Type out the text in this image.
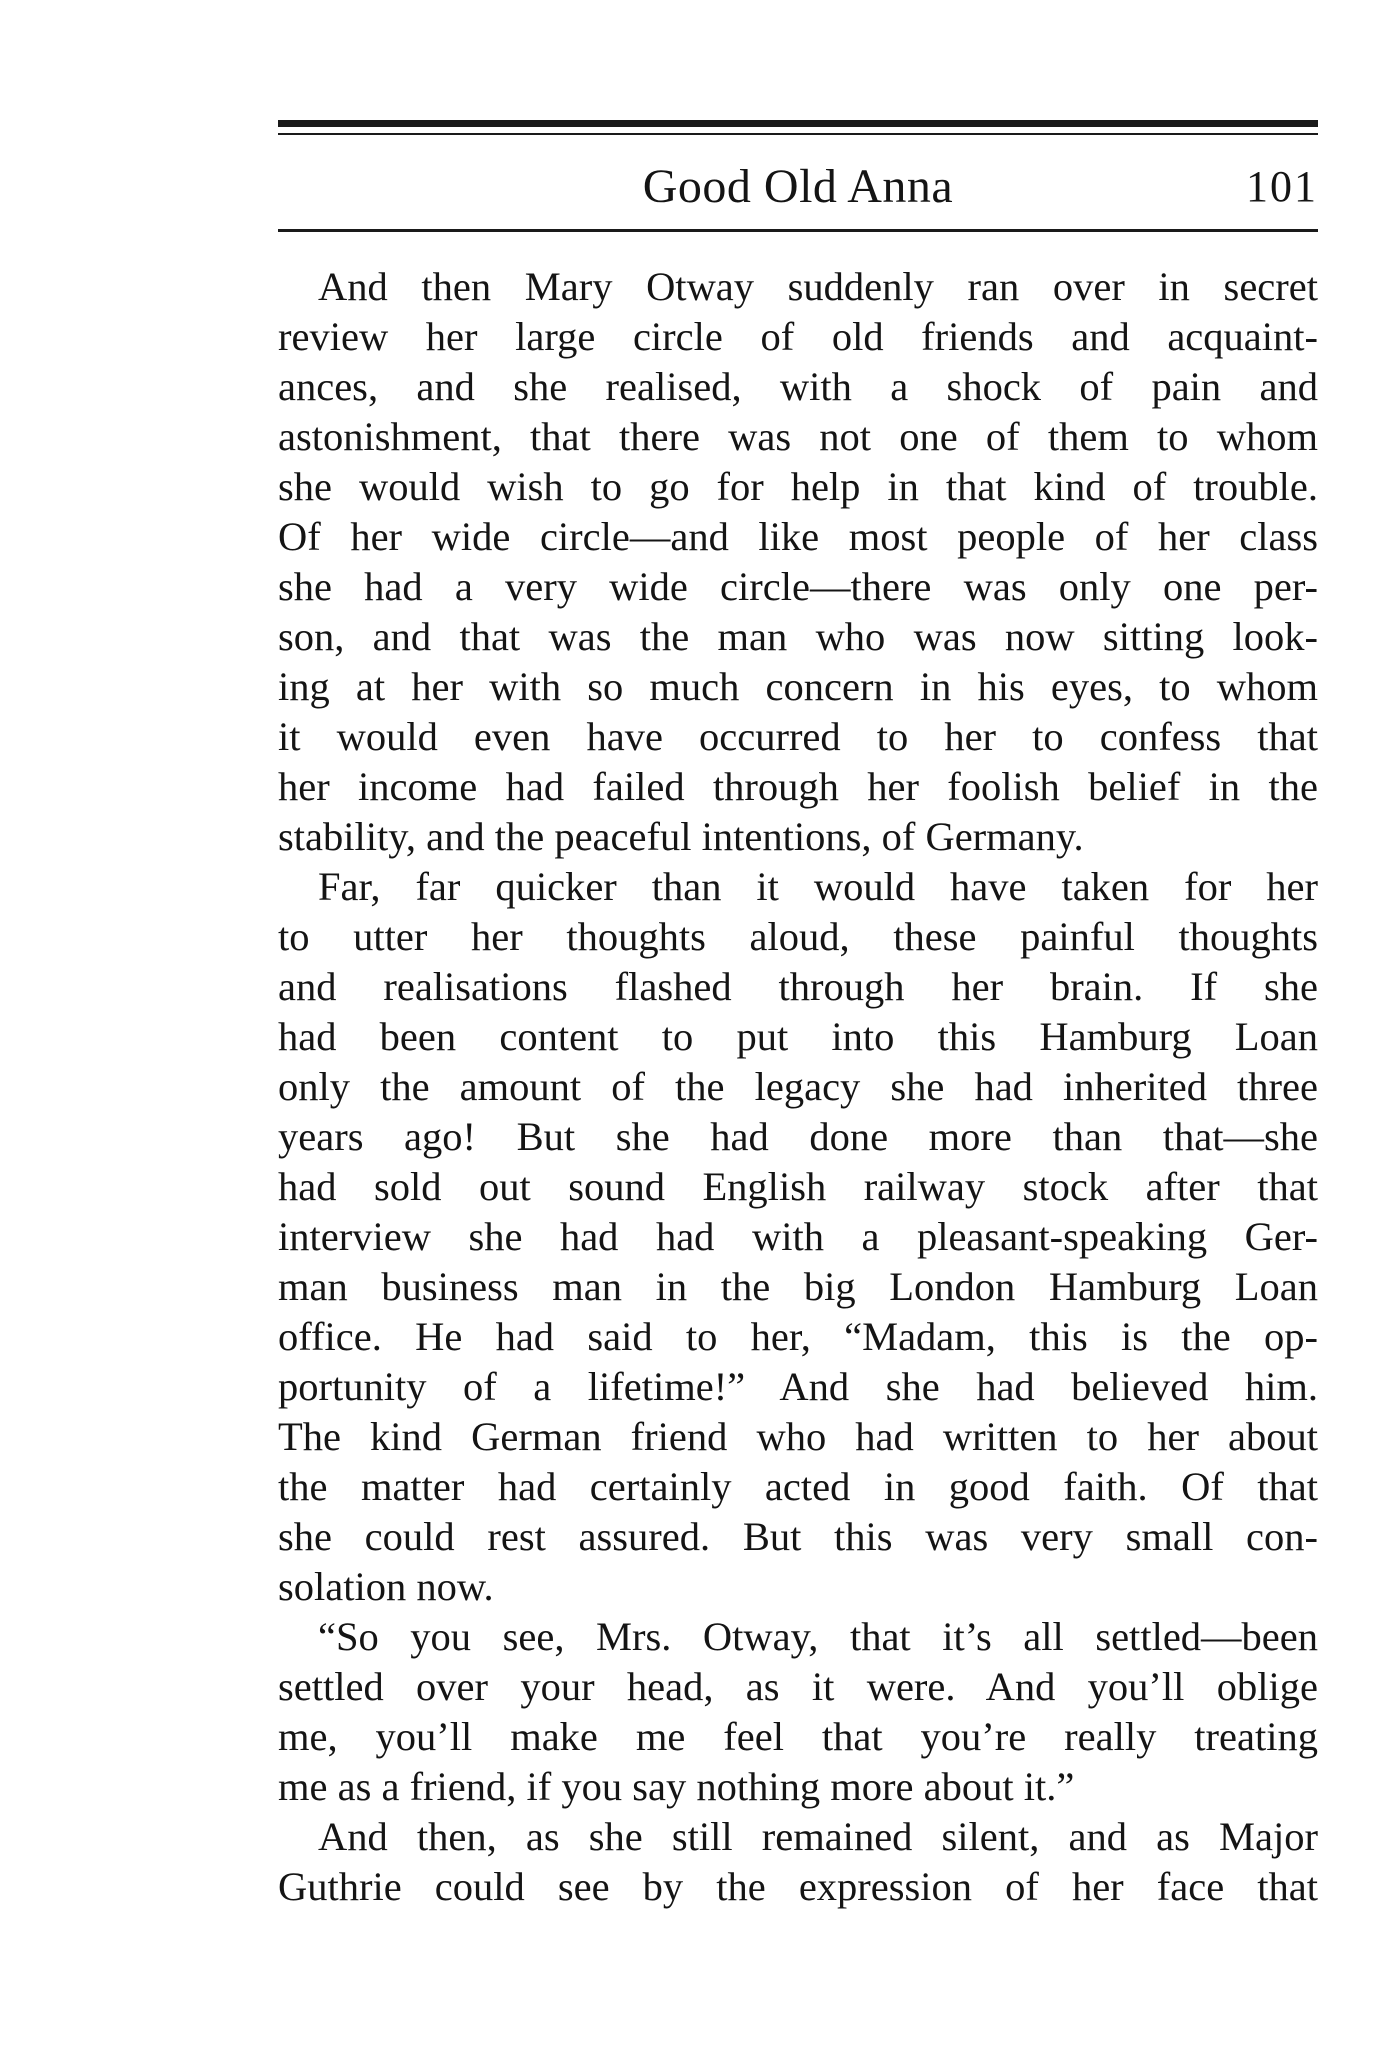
Good Old Anna	101
And then Mary Otway suddenly ran over in secret
review her large circle of old friends and acquaint-
ances, and she realised, with a shock of pain and
astonishment, that there was not one of them to whom
she would wish to go for help in that kind of trouble.
Of her wide circle—and like most people of her class
she had a very wide circle—there was only one per-
son, and that was the man who was now sitting look-
ing at her with so much concern in his eyes, to whom
it would even have occurred to her to confess that
her income had failed through her foolish belief in the
stability, and the peaceful intentions, of Germany.
Far, far quicker than it would have taken for her
to utter her thoughts aloud, these painful thoughts
and realisations flashed through her brain. If she
had been content to put into this Hamburg Loan
only the amount of the legacy she had inherited three
years ago! But she had done more than that—she
had sold out sound English railway stock after that
interview she had had with a pleasant-speaking Ger-
man business man in the big London Hamburg Loan
office. He had said to her, “Madam, this is the op-
portunity of a lifetime!” And she had believed him.
The kind German friend who had written to her about
the matter had certainly acted in good faith. Of that
she could rest assured. But this was very small con-
solation now.
“So you see, Mrs. Otway, that it’s all settled—been
settled over your head, as it were. And you’ll oblige
me, you’ll make me feel that you’re really treating
me as a friend, if you say nothing more about it.”
And then, as she still remained silent, and as Major
Guthrie could see by the expression of her face that
